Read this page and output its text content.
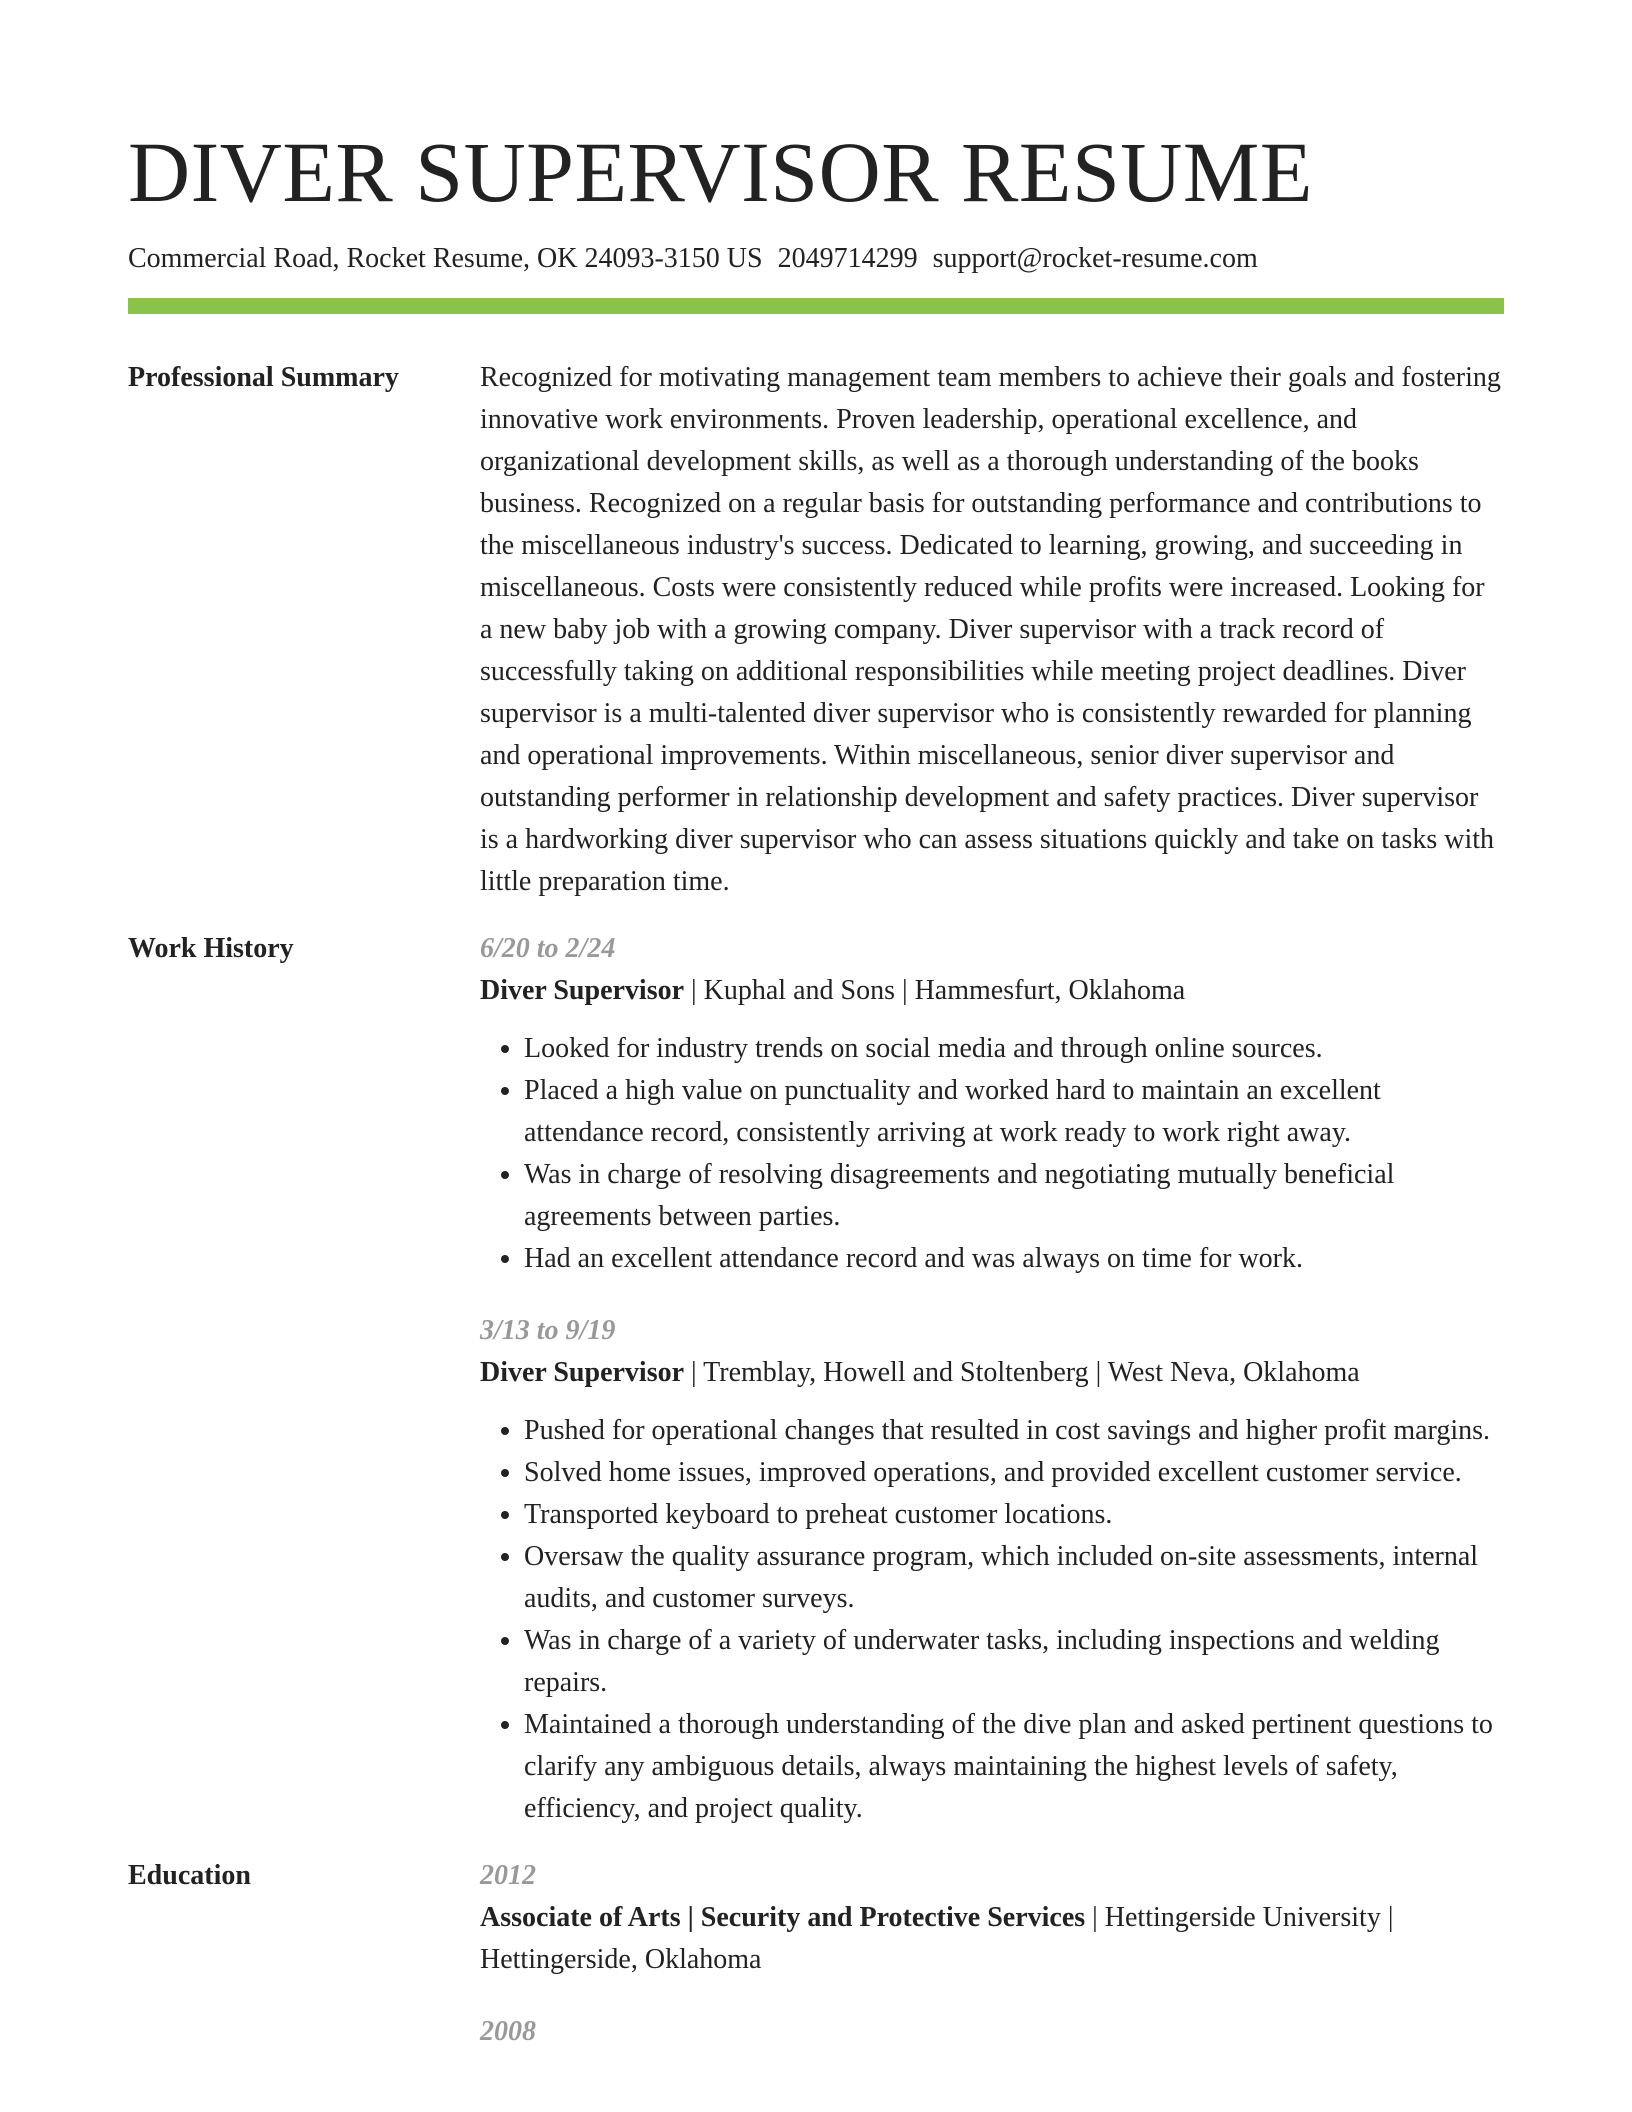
DIVER SUPERVISOR RESUME
Commercial Road, Rocket Resume, OK 24093-3150 US 2049714299 support@rocket-resume.com
Professional Summary	Recognized for motivating management team members to achieve their goals and fostering innovative work environments. Proven leadership, operational excellence, and organizational development skills, as well as a thorough understanding of the books business. Recognized on a regular basis for outstanding performance and contributions to the miscellaneous industry's success. Dedicated to learning, growing, and succeeding in miscellaneous. Costs were consistently reduced while profits were increased. Looking for a new baby job with a growing company. Diver supervisor with a track record of successfully taking on additional responsibilities while meeting project deadlines. Diver supervisor is a multi-talented diver supervisor who is consistently rewarded for planning and operational improvements. Within miscellaneous, senior diver supervisor and outstanding performer in relationship development and safety practices. Diver supervisor is a hardworking diver supervisor who can assess situations quickly and take on tasks with little preparation time.

Work History	6/20 to 2/24
Diver Supervisor | Kuphal and Sons | Hammesfurt, Oklahoma
• Looked for industry trends on social media and through online sources.
• Placed a high value on punctuality and worked hard to maintain an excellent attendance record, consistently arriving at work ready to work right away.
• Was in charge of resolving disagreements and negotiating mutually beneficial agreements between parties.
• Had an excellent attendance record and was always on time for work.
3/13 to 9/19
Diver Supervisor | Tremblay, Howell and Stoltenberg | West Neva, Oklahoma
• Pushed for operational changes that resulted in cost savings and higher profit margins.
• Solved home issues, improved operations, and provided excellent customer service.
• Transported keyboard to preheat customer locations.
• Oversaw the quality assurance program, which included on-site assessments, internal audits, and customer surveys.
• Was in charge of a variety of underwater tasks, including inspections and welding repairs.
• Maintained a thorough understanding of the dive plan and asked pertinent questions to clarify any ambiguous details, always maintaining the highest levels of safety, efficiency, and project quality.
Education	2012
Associate of Arts | Security and Protective Services | Hettingerside University | Hettingerside, Oklahoma
2008
